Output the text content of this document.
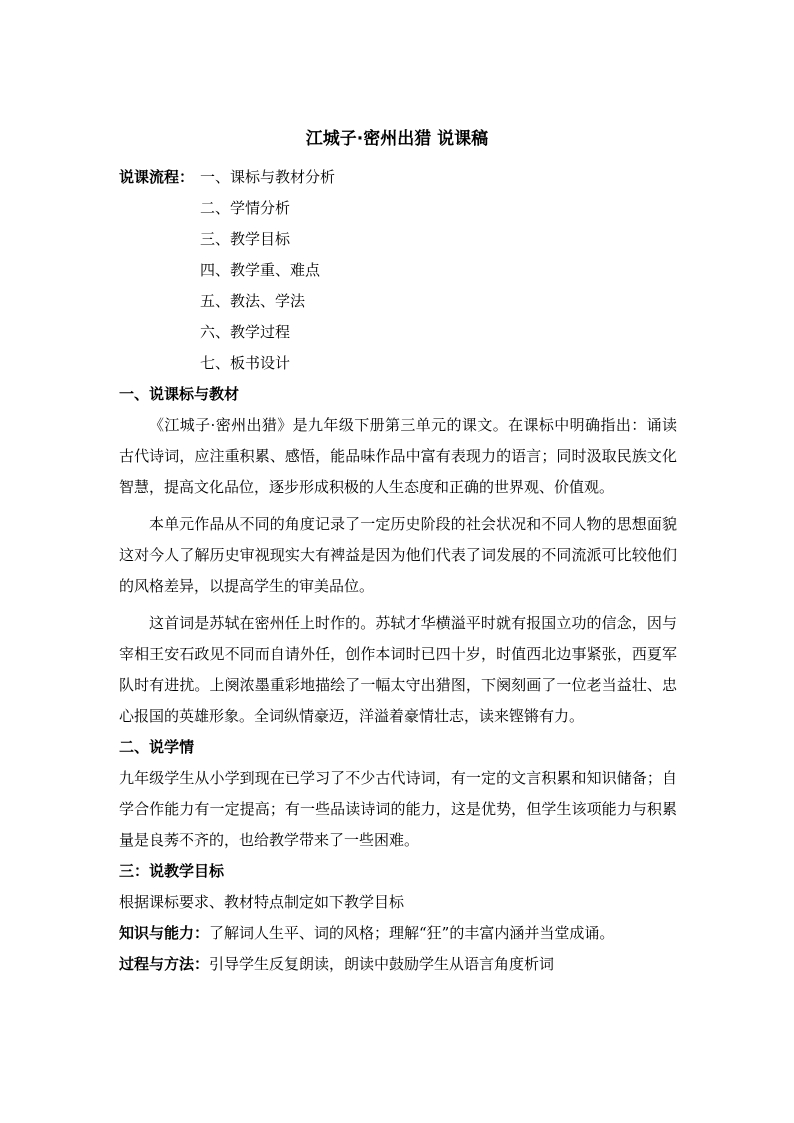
江城子·密州出猎 说课稿
说课流程： 一、课标与教材分析
二、学情分析
三、教学目标
四、教学重、难点
五、教法、学法
六、教学过程
七、板书设计
一、说课标与教材

《江城子·密州出猎》是九年级下册第三单元的课文。在课标中明确指出：诵读古代诗词，应注重积累、感悟，能品味作品中富有表现力的语言；同时汲取民族文化智慧，提高文化品位，逐步形成积极的人生态度和正确的世界观、价值观。

本单元作品从不同的角度记录了一定历史阶段的社会状况和不同人物的思想面貌这对今人了解历史审视现实大有裨益是因为他们代表了词发展的不同流派可比较他们的风格差异，以提高学生的审美品位。

这首词是苏轼在密州任上时作的。苏轼才华横溢平时就有报国立功的信念，因与宰相王安石政见不同而自请外任，创作本词时已四十岁，时值西北边事紧张，西夏军队时有进扰。上阕浓墨重彩地描绘了一幅太守出猎图，下阕刻画了一位老当益壮、忠心报国的英雄形象。全词纵情豪迈，洋溢着豪情壮志，读来铿锵有力。

二、说学情

九年级学生从小学到现在已学习了不少古代诗词，有一定的文言积累和知识储备；自学合作能力有一定提高；有一些品读诗词的能力，这是优势，但学生该项能力与积累量是良莠不齐的，也给教学带来了一些困难。

三：说教学目标

根据课标要求、教材特点制定如下教学目标

知识与能力：了解词人生平、词的风格；理解“狂”的丰富内涵并当堂成诵。

过程与方法：引导学生反复朗读，朗读中鼓励学生从语言角度析词
